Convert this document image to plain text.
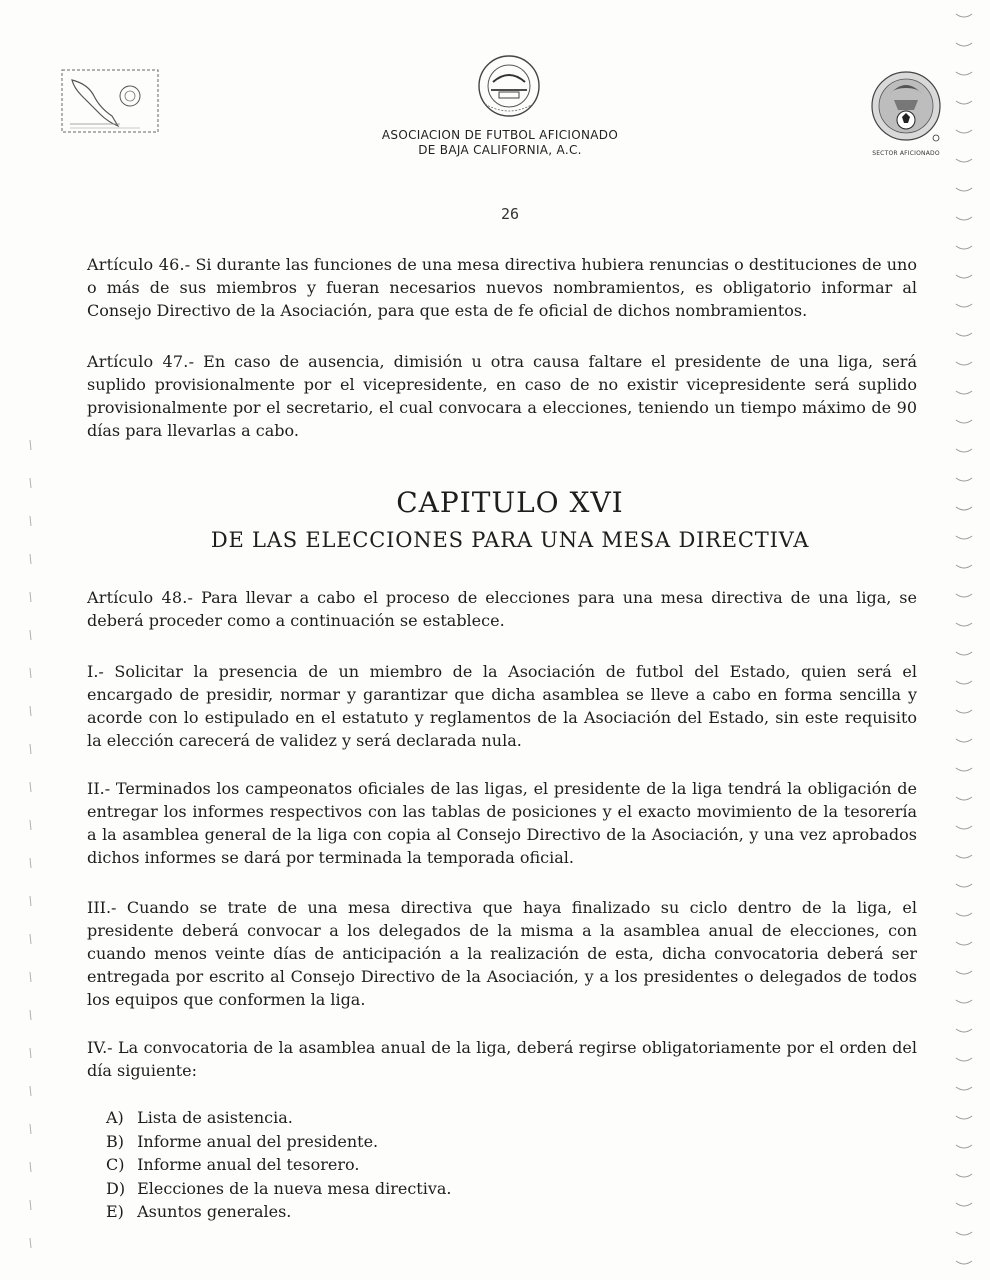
SECTOR AFICIONADO
ASOCIACION DE FUTBOL AFICIONADO
DE BAJA CALIFORNIA, A.C.
26
Artículo 46.- Si durante las funciones de una mesa directiva hubiera renuncias o destituciones de uno o más de sus miembros y fueran necesarios nuevos nombramientos, es obligatorio informar al Consejo Directivo de la Asociación, para que esta de fe oficial de dichos nombramientos.
Artículo 47.- En caso de ausencia, dimisión u otra causa faltare el presidente de una liga, será suplido provisionalmente por el vicepresidente, en caso de no existir vicepresidente será suplido provisionalmente por el secretario, el cual convocara a elecciones, teniendo un tiempo máximo de 90 días para llevarlas a cabo.
CAPITULO XVI
DE LAS ELECCIONES PARA UNA MESA DIRECTIVA
Artículo 48.- Para llevar a cabo el proceso de elecciones para una mesa directiva de una liga, se deberá proceder como a continuación se establece.
I.- Solicitar la presencia de un miembro de la Asociación de futbol del Estado, quien será el encargado de presidir, normar y garantizar que dicha asamblea se lleve a cabo en forma sencilla y acorde con lo estipulado en el estatuto y reglamentos de la Asociación del Estado, sin este requisito la elección carecerá de validez y será declarada nula.
II.- Terminados los campeonatos oficiales de las ligas, el presidente de la liga tendrá la obligación de entregar los informes respectivos con las tablas de posiciones y el exacto movimiento de la tesorería a la asamblea general de la liga con copia al Consejo Directivo de la Asociación, y una vez aprobados dichos informes se dará por terminada la temporada oficial.
III.- Cuando se trate de una mesa directiva que haya finalizado su ciclo dentro de la liga, el presidente deberá convocar a los delegados de la misma a la asamblea anual de elecciones, con cuando menos veinte días de anticipación a la realización de esta, dicha convocatoria deberá ser entregada por escrito al Consejo Directivo de la Asociación, y a los presidentes o delegados de todos los equipos que conformen la liga.
IV.- La convocatoria de la asamblea anual de la liga, deberá regirse obligatoriamente por el orden del día siguiente:
A) Lista de asistencia.
B) Informe anual del presidente.
C) Informe anual del tesorero.
D) Elecciones de la nueva mesa directiva.
E) Asuntos generales.
